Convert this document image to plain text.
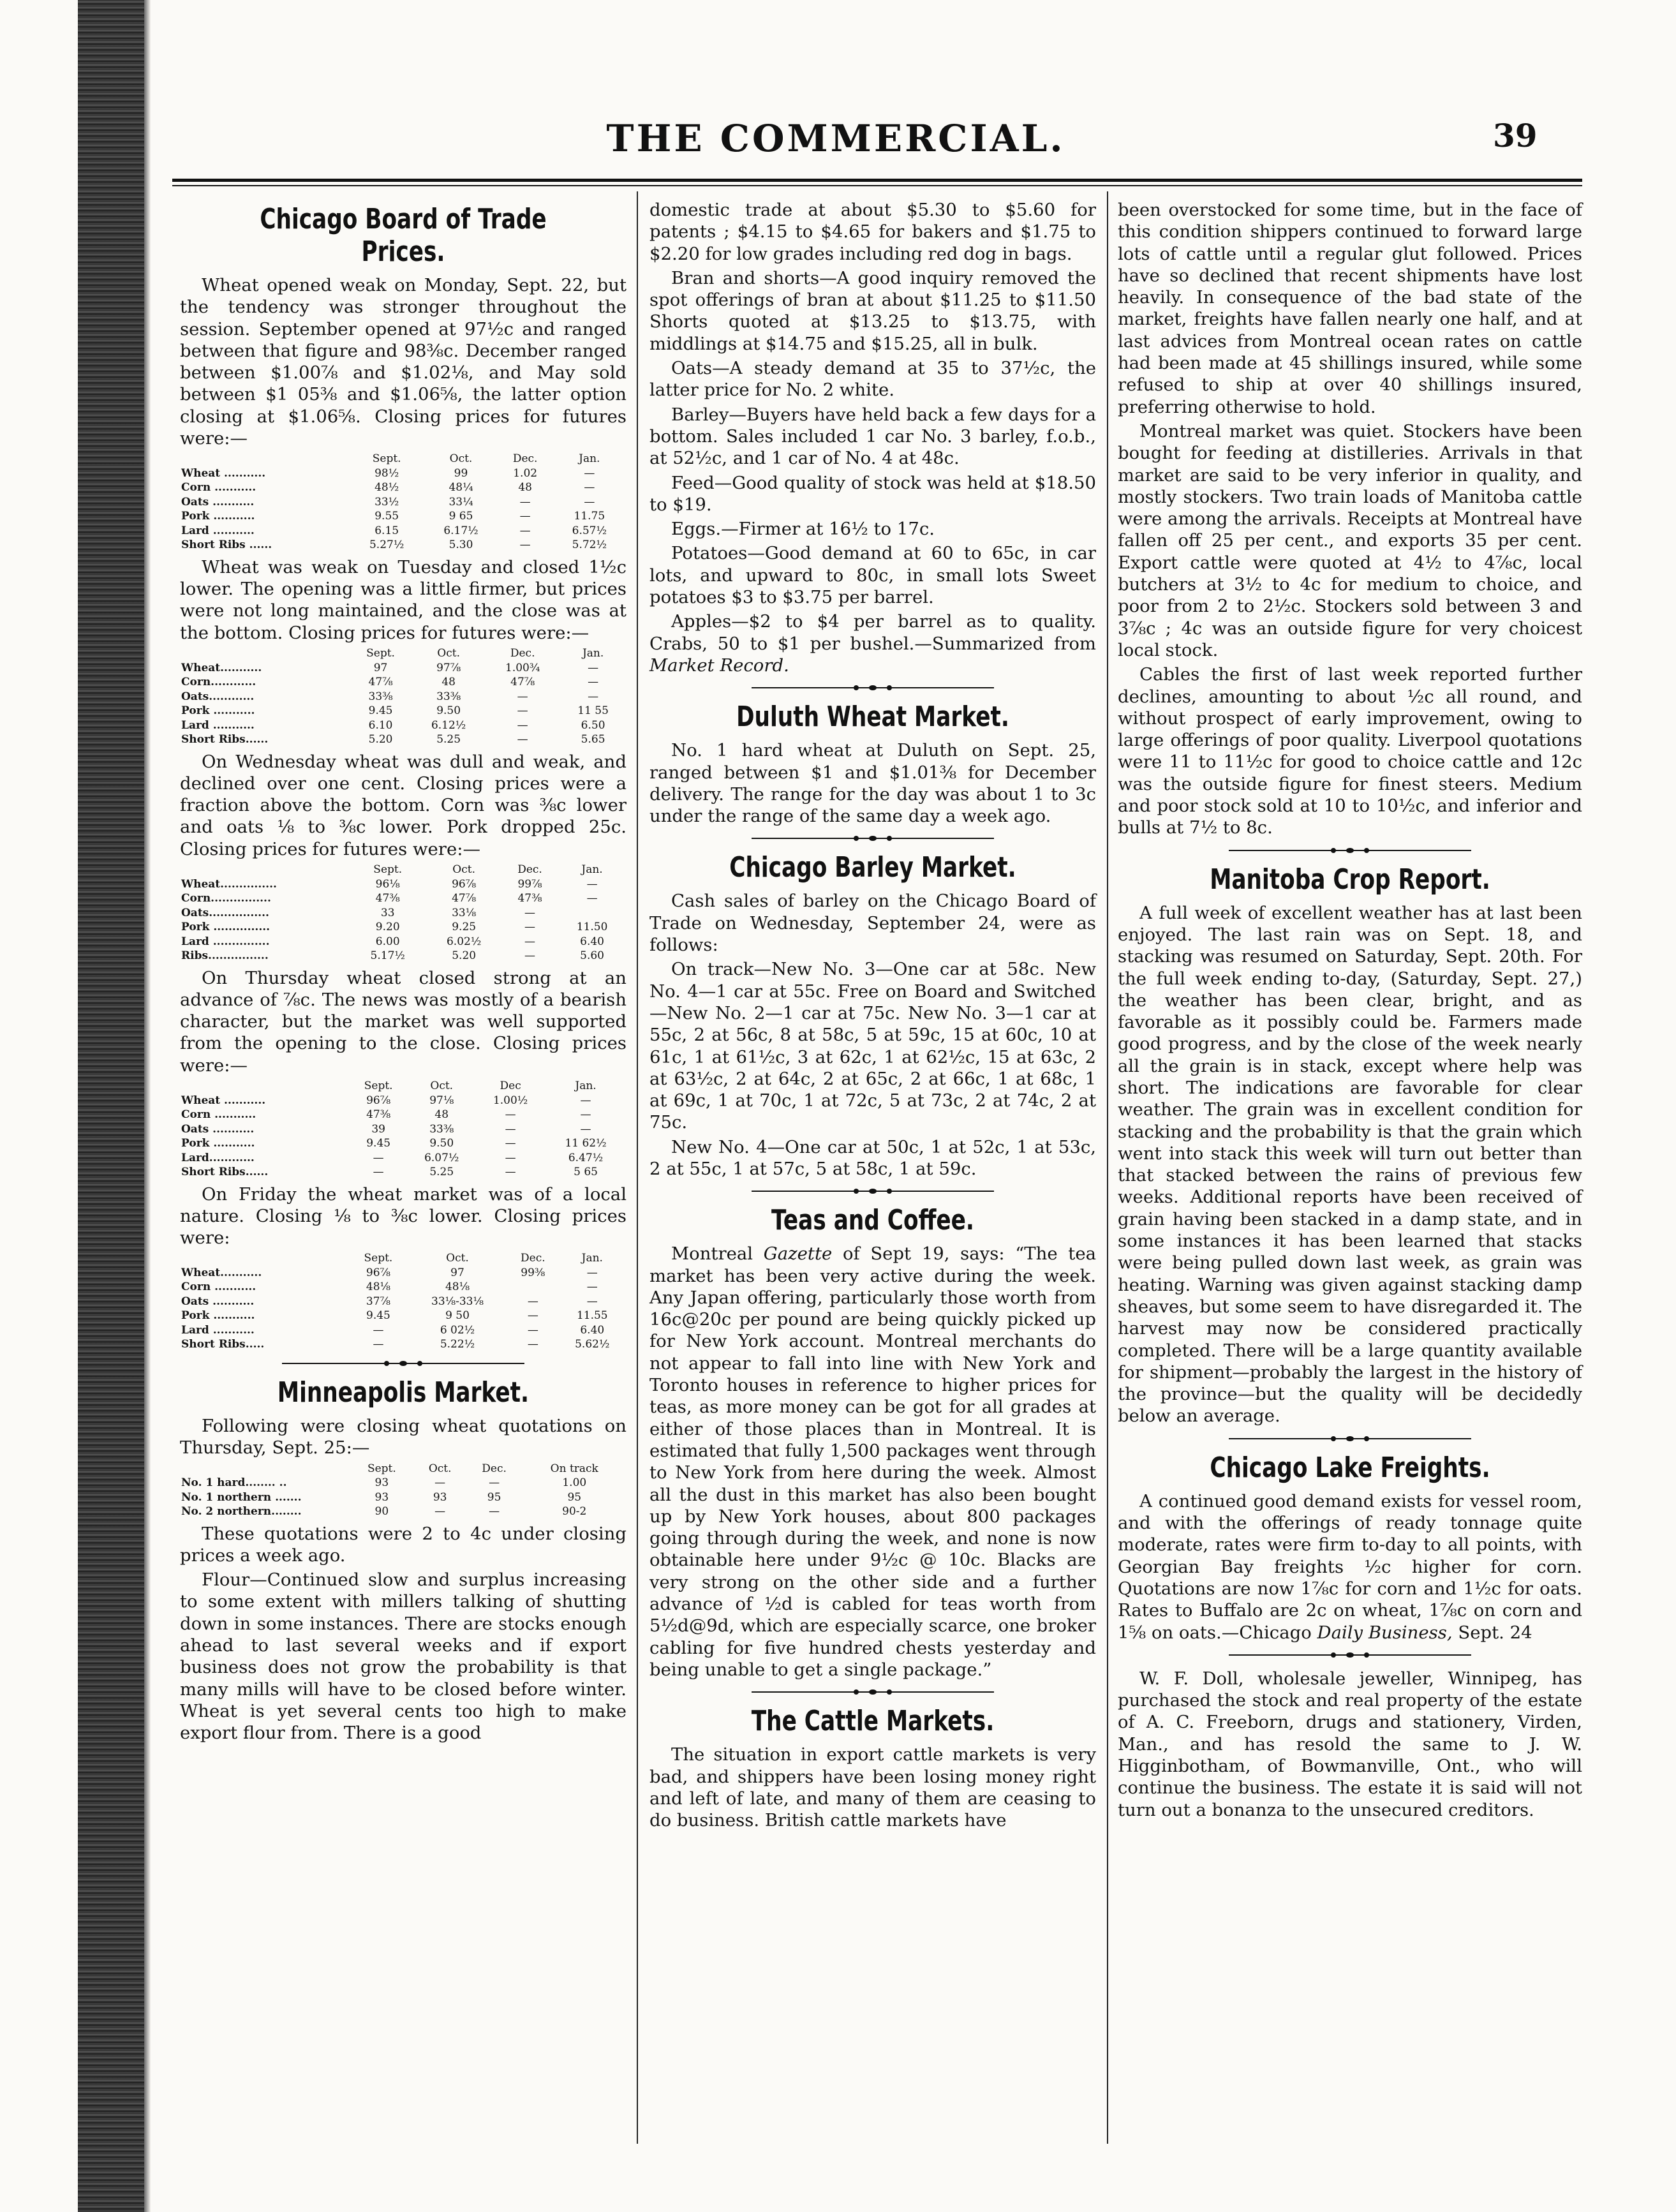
THE COMMERCIAL.	39
Chicago Board of Trade Prices.

Wheat opened weak on Monday, Sept. 22, but the tendency was stronger throughout the session. September opened at 97½c and ranged between that figure and 98⅜c. December ranged between $1.00⅞ and $1.02⅛, and May sold between $1 05⅜ and $1.06⅝, the latter option closing at $1.06⅝. Closing prices for futures were:—

	Sept.	Oct.	Dec.	Jan.
Wheat ...........	98½	99	1.02	—
Corn ...........	48½	48¼	48	—
Oats ...........	33½	33¼	—	—
Pork ...........	9.55	9 65	—	11.75
Lard ...........	6.15	6.17½	—	6.57½
Short Ribs ......	5.27½	5.30	—	5.72½

Wheat was weak on Tuesday and closed 1½c lower. The opening was a little firmer, but prices were not long maintained, and the close was at the bottom. Closing prices for futures were:—

	Sept.	Oct.	Dec.	Jan.
Wheat...........	97	97⅞	1.00¾	—
Corn............	47⅞	48	47⅞	—
Oats............	33⅜	33⅜	—	—
Pork ...........	9.45	9.50	—	11 55
Lard ...........	6.10	6.12½	—	6.50
Short Ribs......	5.20	5.25	—	5.65

On Wednesday wheat was dull and weak, and declined over one cent. Closing prices were a fraction above the bottom. Corn was ⅜c lower and oats ⅛ to ⅜c lower. Pork dropped 25c. Closing prices for futures were:—

	Sept.	Oct.	Dec.	Jan.
Wheat...............	96⅛	96⅞	99⅞	—
Corn................	47⅜	47⅞	47⅜	—
Oats................	33	33⅛	—	
Pork ...............	9.20	9.25	—	11.50
Lard ...............	6.00	6.02½	—	6.40
Ribs................	5.17½	5.20	—	5.60

On Thursday wheat closed strong at an advance of ⅞c. The news was mostly of a bearish character, but the market was well supported from the opening to the close. Closing prices were:—

	Sept.	Oct.	Dec	Jan.
Wheat ...........	96⅞	97⅛	1.00½	—
Corn ...........	47⅜	48	—	—
Oats ...........	39	33⅜	—	—
Pork ...........	9.45	9.50	—	11 62½
Lard............	—	6.07½	—	6.47½
Short Ribs......	—	5.25	—	5 65

On Friday the wheat market was of a local nature. Closing ⅛ to ⅜c lower. Closing prices were:

	Sept.	Oct.	Dec.	Jan.
Wheat...........	96⅞	97	99⅜	—
Corn ...........	48⅛	48⅛		—
Oats ...........	37⅞	33⅛-33⅛	—	—
Pork ...........	9.45	9 50	—	11.55
Lard ...........	—	6 02½	—	6.40
Short Ribs.....	—	5.22½	—	5.62½
Minneapolis Market.

Following were closing wheat quotations on Thursday, Sept. 25:—

	Sept.	Oct.	Dec.	On track
No. 1 hard........ ..	93	—	—	1.00
No. 1 northern .......	93	93	95	95
No. 2 northern........	90	—	—	90-2

These quotations were 2 to 4c under closing prices a week ago.

Flour—Continued slow and surplus increasing to some extent with millers talking of shutting down in some instances. There are stocks enough ahead to last several weeks and if export business does not grow the probability is that many mills will have to be closed before winter. Wheat is yet several cents too high to make export flour from. There is a good

domestic trade at about $5.30 to $5.60 for patents ; $4.15 to $4.65 for bakers and $1.75 to $2.20 for low grades including red dog in bags.

Bran and shorts—A good inquiry removed the spot offerings of bran at about $11.25 to $11.50 Shorts quoted at $13.25 to $13.75, with middlings at $14.75 and $15.25, all in bulk.

Oats—A steady demand at 35 to 37½c, the latter price for No. 2 white.

Barley—Buyers have held back a few days for a bottom. Sales included 1 car No. 3 barley, f.o.b., at 52½c, and 1 car of No. 4 at 48c.

Feed—Good quality of stock was held at $18.50 to $19.

Eggs.—Firmer at 16½ to 17c.

Potatoes—Good demand at 60 to 65c, in car lots, and upward to 80c, in small lots Sweet potatoes $3 to $3.75 per barrel.

Apples—$2 to $4 per barrel as to quality. Crabs, 50 to $1 per bushel.—Summarized from Market Record.

Duluth Wheat Market.

No. 1 hard wheat at Duluth on Sept. 25, ranged between $1 and $1.01⅜ for December delivery. The range for the day was about 1 to 3c under the range of the same day a week ago.

Chicago Barley Market.

Cash sales of barley on the Chicago Board of Trade on Wednesday, September 24, were as follows:

On track—New No. 3—One car at 58c. New No. 4—1 car at 55c. Free on Board and Switched—New No. 2—1 car at 75c. New No. 3—1 car at 55c, 2 at 56c, 8 at 58c, 5 at 59c, 15 at 60c, 10 at 61c, 1 at 61½c, 3 at 62c, 1 at 62½c, 15 at 63c, 2 at 63½c, 2 at 64c, 2 at 65c, 2 at 66c, 1 at 68c, 1 at 69c, 1 at 70c, 1 at 72c, 5 at 73c, 2 at 74c, 2 at 75c.

New No. 4—One car at 50c, 1 at 52c, 1 at 53c, 2 at 55c, 1 at 57c, 5 at 58c, 1 at 59c.

Teas and Coffee.

Montreal Gazette of Sept 19, says: “The tea market has been very active during the week. Any Japan offering, particularly those worth from 16c@20c per pound are being quickly picked up for New York account. Montreal merchants do not appear to fall into line with New York and Toronto houses in reference to higher prices for teas, as more money can be got for all grades at either of those places than in Montreal. It is estimated that fully 1,500 packages went through to New York from here during the week. Almost all the dust in this market has also been bought up by New York houses, about 800 packages going through during the week, and none is now obtainable here under 9½c @ 10c. Blacks are very strong on the other side and a further advance of ½d is cabled for teas worth from 5½d@9d, which are especially scarce, one broker cabling for five hundred chests yesterday and being unable to get a single package.”

The Cattle Markets.

The situation in export cattle markets is very bad, and shippers have been losing money right and left of late, and many of them are ceasing to do business. British cattle markets have

been overstocked for some time, but in the face of this condition shippers continued to forward large lots of cattle until a regular glut followed. Prices have so declined that recent shipments have lost heavily. In consequence of the bad state of the market, freights have fallen nearly one half, and at last advices from Montreal ocean rates on cattle had been made at 45 shillings insured, while some refused to ship at over 40 shillings insured, preferring otherwise to hold.

Montreal market was quiet. Stockers have been bought for feeding at distilleries. Arrivals in that market are said to be very inferior in quality, and mostly stockers. Two train loads of Manitoba cattle were among the arrivals. Receipts at Montreal have fallen off 25 per cent., and exports 35 per cent. Export cattle were quoted at 4½ to 4⅞c, local butchers at 3½ to 4c for medium to choice, and poor from 2 to 2½c. Stockers sold between 3 and 3⅞c ; 4c was an outside figure for very choicest local stock.

Cables the first of last week reported further declines, amounting to about ½c all round, and without prospect of early improvement, owing to large offerings of poor quality. Liverpool quotations were 11 to 11½c for good to choice cattle and 12c was the outside figure for finest steers. Medium and poor stock sold at 10 to 10½c, and inferior and bulls at 7½ to 8c.

Manitoba Crop Report.

A full week of excellent weather has at last been enjoyed. The last rain was on Sept. 18, and stacking was resumed on Saturday, Sept. 20th. For the full week ending to-day, (Saturday, Sept. 27,) the weather has been clear, bright, and as favorable as it possibly could be. Farmers made good progress, and by the close of the week nearly all the grain is in stack, except where help was short. The indications are favorable for clear weather. The grain was in excellent condition for stacking and the probability is that the grain which went into stack this week will turn out better than that stacked between the rains of previous few weeks. Additional reports have been received of grain having been stacked in a damp state, and in some instances it has been learned that stacks were being pulled down last week, as grain was heating. Warning was given against stacking damp sheaves, but some seem to have disregarded it. The harvest may now be considered practically completed. There will be a large quantity available for shipment—probably the largest in the history of the province—but the quality will be decidedly below an average.

Chicago Lake Freights.

A continued good demand exists for vessel room, and with the offerings of ready tonnage quite moderate, rates were firm to-day to all points, with Georgian Bay freights ½c higher for corn. Quotations are now 1⅞c for corn and 1½c for oats. Rates to Buffalo are 2c on wheat, 1⅞c on corn and 1⅝ on oats.—Chicago Daily Business, Sept. 24

W. F. Doll, wholesale jeweller, Winnipeg, has purchased the stock and real property of the estate of A. C. Freeborn, drugs and stationery, Virden, Man., and has resold the same to J. W. Higginbotham, of Bowmanville, Ont., who will continue the business. The estate it is said will not turn out a bonanza to the unsecured creditors.
